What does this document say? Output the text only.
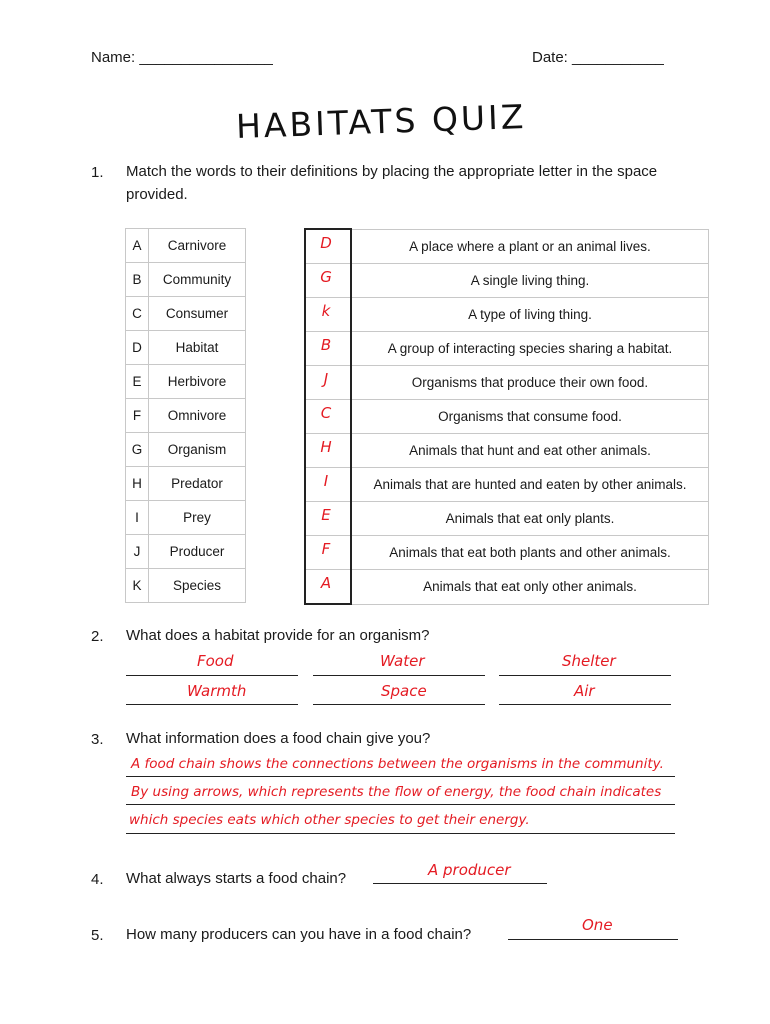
Name: ________________	Date: ___________
HABITATS QUIZ
1. Match the words to their definitions by placing the appropriate letter in the space provided.
A	Carnivore
B	Community
C	Consumer
D	Habitat
E	Herbivore
F	Omnivore
G	Organism
H	Predator
I	Prey
J	Producer
K	Species
D	A place where a plant or an animal lives.

G	A single living thing.

k	A type of living thing.

B	A group of interacting species sharing a habitat.

J	Organisms that produce their own food.

C	Organisms that consume food.

H	Animals that hunt and eat other animals.

I	Animals that are hunted and eaten by other animals.

E	Animals that eat only plants.

F	Animals that eat both plants and other animals.

A	Animals that eat only other animals.
2. What does a habitat provide for an organism?
Food	Water	Shelter
Warmth	Space	Air
3. What information does a food chain give you?
A food chain shows the connections between the organisms in the community.
By using arrows, which represents the flow of energy, the food chain indicates
which species eats which other species to get their energy.
4. What always starts a food chain?	A producer
5. How many producers can you have in a food chain?
One
